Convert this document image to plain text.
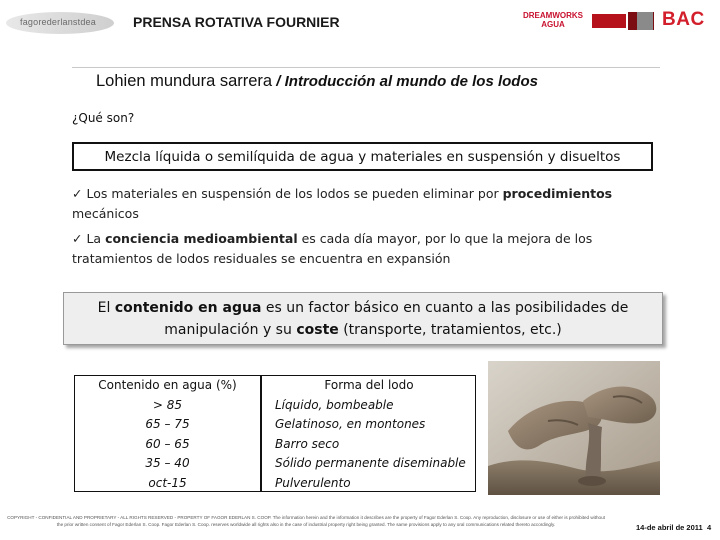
fagorederlanstdea	PRENSA ROTATIVA FOURNIER	DREAMWORKS AGUA	BAC
Lohien mundura sarrera / Introducción al mundo de los lodos
¿Qué son?
Mezcla líquida o semilíquida de agua y materiales en suspensión y disueltos
✓ Los materiales en suspensión de los lodos se pueden eliminar por procedimientos mecánicos
✓ La conciencia medioambiental es cada día mayor, por lo que la mejora de los tratamientos de lodos residuales se encuentra en expansión
El contenido en agua es un factor básico en cuanto a las posibilidades de manipulación y su coste (transporte, tratamientos, etc.)
Contenido en agua (%)	Forma del lodo
> 85	Líquido, bombeable
65 – 75	Gelatinoso, en montones
60 – 65	Barro seco
35 – 40	Sólido permanente diseminable
oct-15	Pulverulento
COPYRIGHT - CONFIDENTIAL AND PROPRIETARY - ALL RIGHTS RESERVED - PROPERTY OF FAGOR EDERLAN S. COOP. The information herein and the information it describes are the property of Fagor Ederlan S. Coop. Any reproduction, disclosure or use of either is prohibited without the prior written consent of Fagor Ederlan S. Coop. Fagor Ederlan S. Coop. reserves worldwide all rights also in the case of industrial property right being granted. The same provisions apply to any oral communications related thereto accordingly.	14-de abril de 2011 4
